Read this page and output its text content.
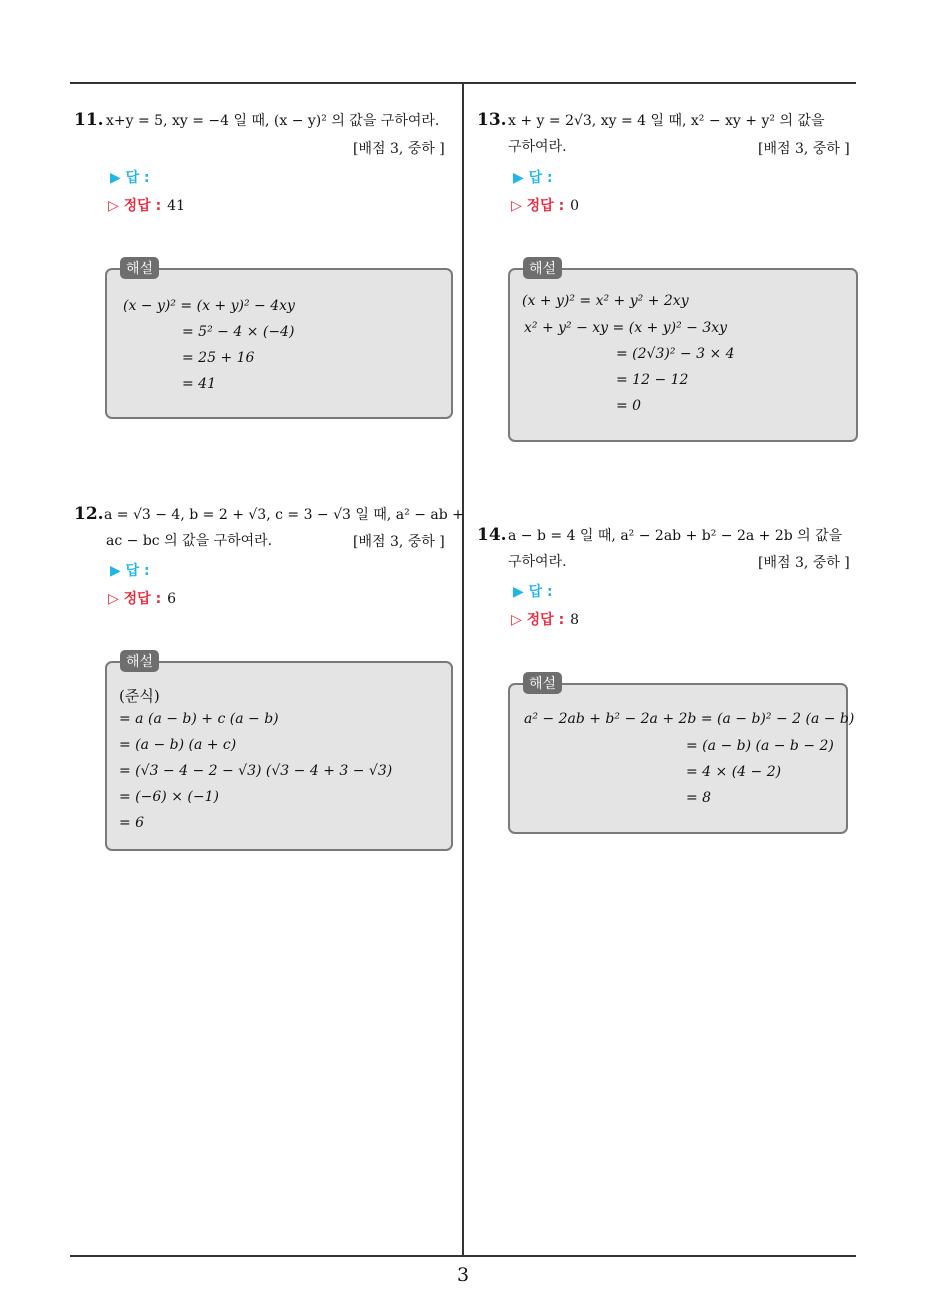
11. x+y = 5, xy = −4 일 때, (x − y)² 의 값을 구하여라.
[배점 3, 중하 ]
▶ 답 :
▷ 정답 : 41
해설
(x − y)² = (x + y)² − 4xy
= 5² − 4 × (−4)
= 25 + 16
= 41
12. a = √3 − 4, b = 2 + √3, c = 3 − √3 일 때, a² − ab +
ac − bc 의 값을 구하여라.	[배점 3, 중하 ]
▶ 답 :
▷ 정답 : 6
해설
(준식)
= a (a − b) + c (a − b)
= (a − b) (a + c)
= (√3 − 4 − 2 − √3) (√3 − 4 + 3 − √3)
= (−6) × (−1)
= 6
13. x + y = 2√3, xy = 4 일 때, x² − xy + y² 의 값을
구하여라.	[배점 3, 중하 ]
▶ 답 :
▷ 정답 : 0
해설
(x + y)² = x² + y² + 2xy
x² + y² − xy = (x + y)² − 3xy
= (2√3)² − 3 × 4
= 12 − 12
= 0
14. a − b = 4 일 때, a² − 2ab + b² − 2a + 2b 의 값을
구하여라.	[배점 3, 중하 ]
▶ 답 :
▷ 정답 : 8
해설
a² − 2ab + b² − 2a + 2b = (a − b)² − 2 (a − b)
= (a − b) (a − b − 2)
= 4 × (4 − 2)
= 8
3
